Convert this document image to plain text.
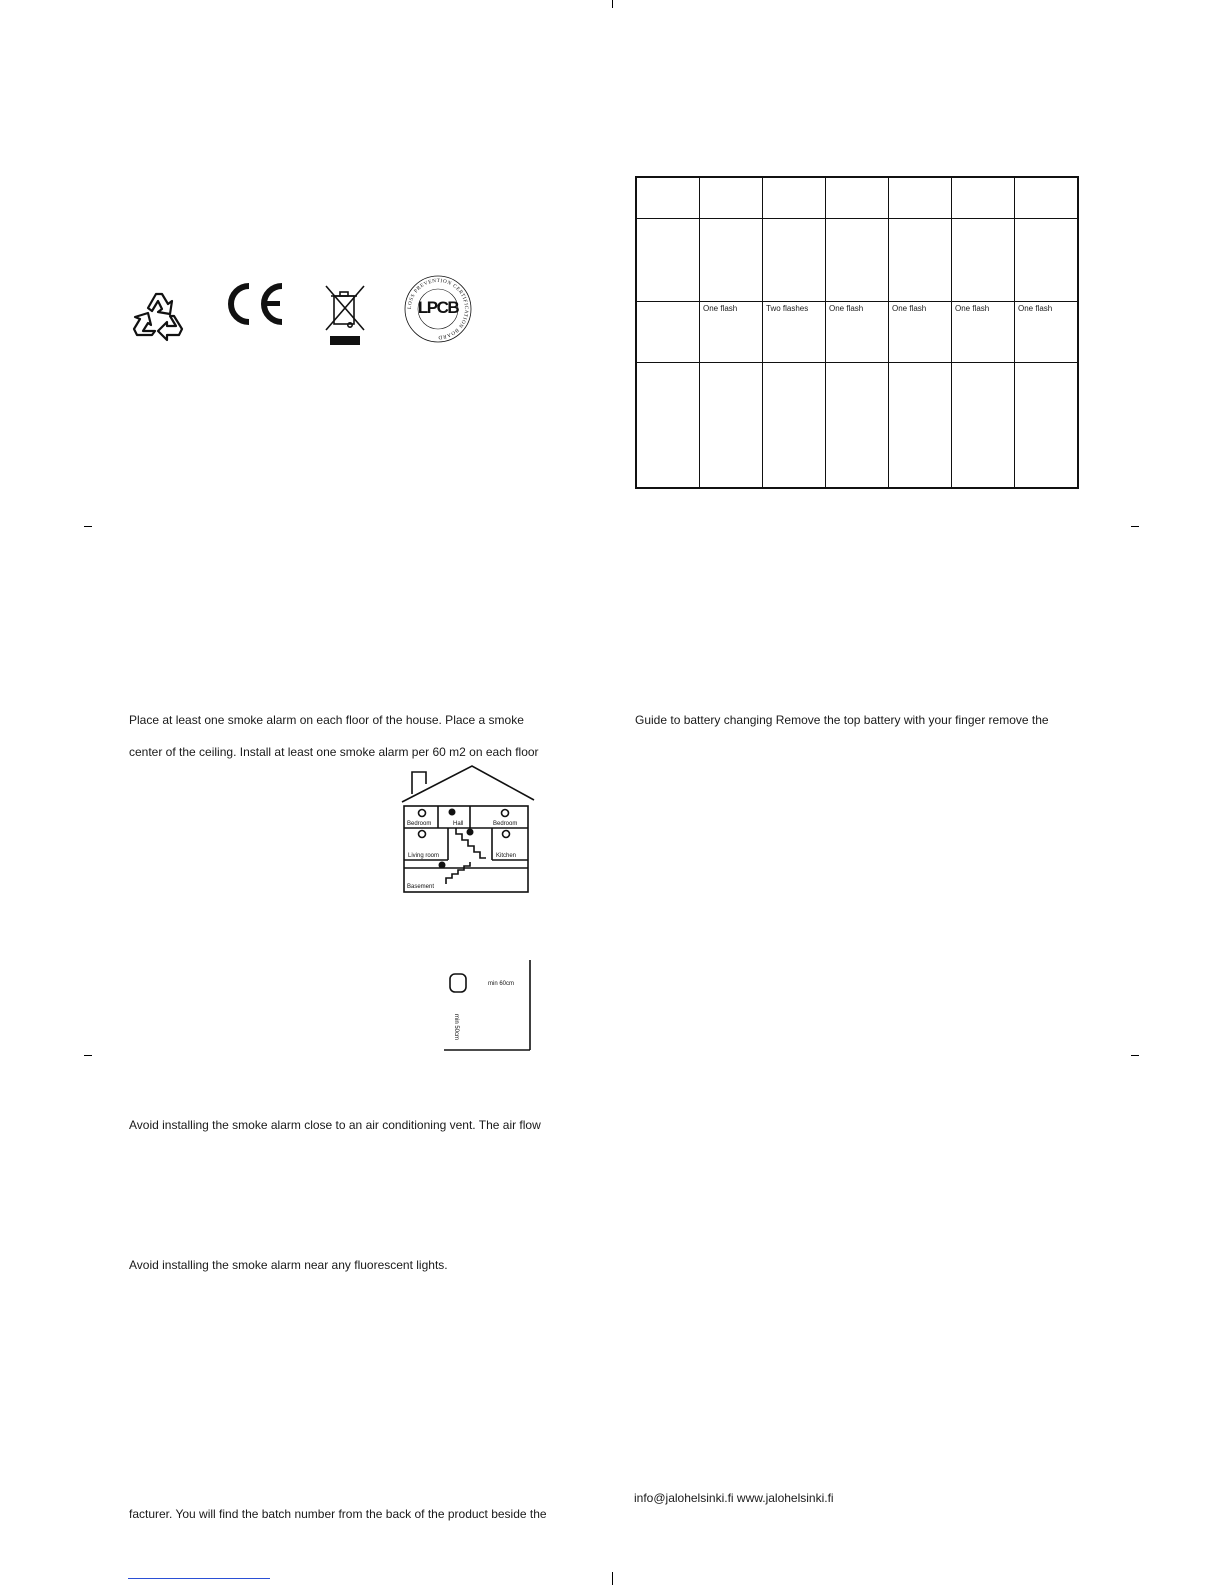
LOSS PREVENTION CERTIFICATION BOARD
LPCB

	One flash	Two flashes	One flash	One flash	One flash	One flash

Place at least one smoke alarm on each floor of the house. Place a smoke
center of the ceiling. Install at least one smoke alarm per 60 m2 on each floor
Bedroom	Hall	Bedroom
Living room	Kitchen
Basement
min 60cm
min 50cm
Avoid installing the smoke alarm close to an air conditioning vent. The air flow
Avoid installing the smoke alarm near any fluorescent lights.
facturer. You will find the batch number from the back of the product beside the
Guide to battery changing Remove the top battery with your finger remove the
info@jalohelsinki.fi www.jalohelsinki.fi
